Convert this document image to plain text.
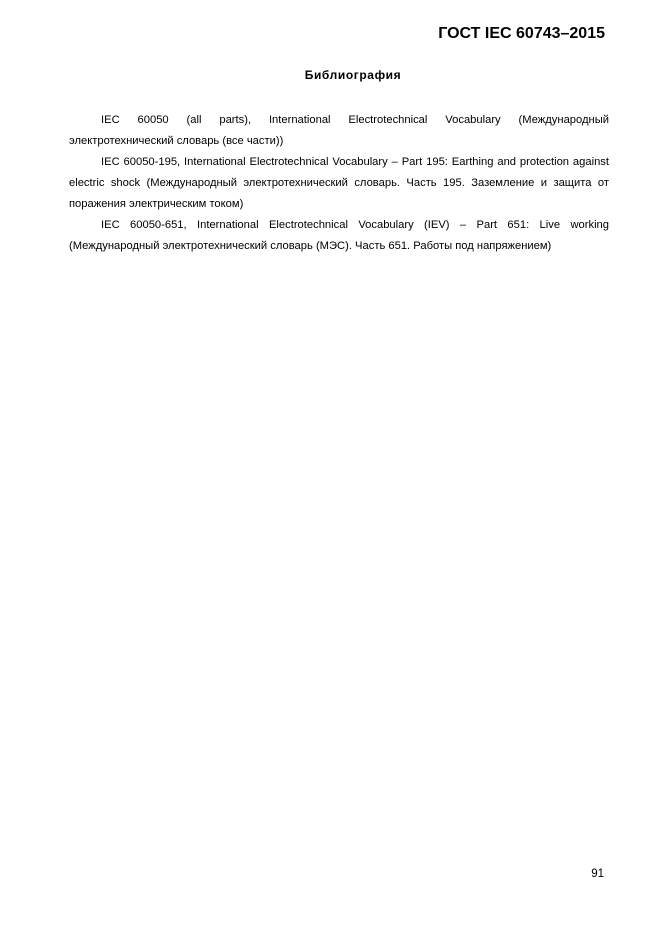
ГОСТ IEC 60743–2015
Библиография

IEC 60050 (all parts), International Electrotechnical Vocabulary (Международный электротехнический словарь (все части))

IEC 60050-195, International Electrotechnical Vocabulary – Part 195: Earthing and protection against electric shock (Международный электротехнический словарь. Часть 195. Заземление и защита от поражения электрическим током)

IEC 60050-651, International Electrotechnical Vocabulary (IEV) – Part 651: Live working (Международный электротехнический словарь (МЭС). Часть 651. Работы под напряжением)

91
